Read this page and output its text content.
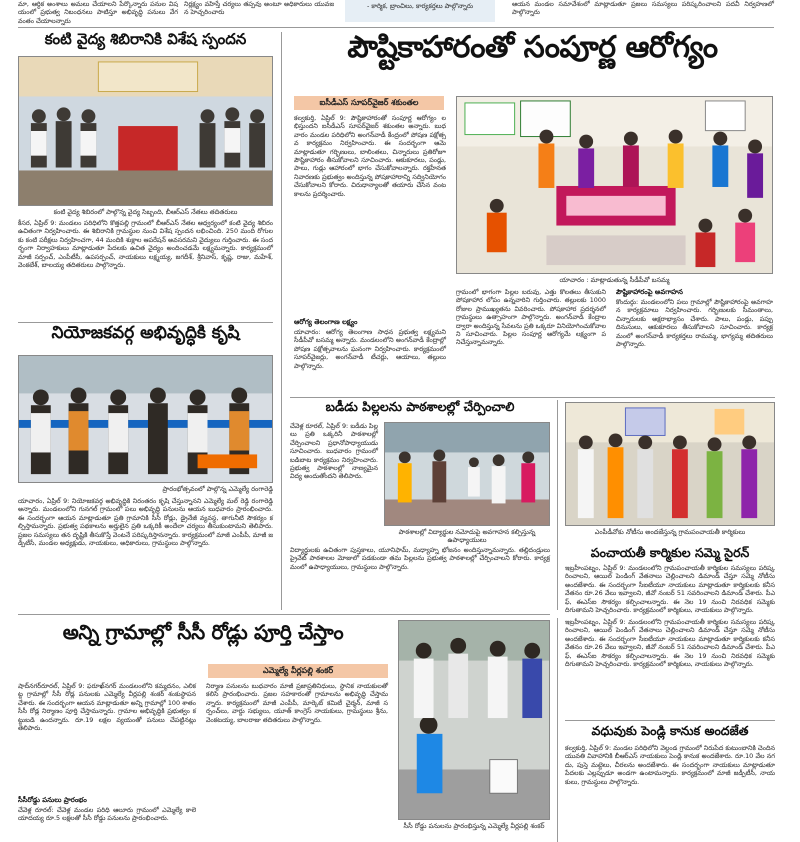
మా, ఆర్ధిక అంశాలు అమలు చేయాలని పేర్కొన్నారు పనుల విషయంలో ప్రభుత్వ నిబంధనలు పాటిస్తూ అభివృద్ధి పనులు వేగవంతం చేయాలన్నారు
నిర్లక్ష్యం వహిస్తే చర్యలు తప్పవు అంటూ అధికారులు యువజన హెచ్చరించారు
- కార్మిక, బ్రాంచిలు, కార్యకర్తలు పాల్గొన్నారు	ఆయన మండల సమావేశంలో మాట్లాడుతూ ప్రజలు సమస్యలు పరిష్కరించాలని పదవీ నిర్వహణలో పాల్గొన్నారు
కంటి వైద్య శిబిరానికి విశేష స్పందన
కంటి వైద్య శిబిరంలో పాల్గొన్న వైద్య సిబ్బంది, బీఆర్ఎస్ నేతలు తదితరులు
కీసర, ఏప్రిల్ 9: మండలం పరిధిలోని కొత్తపల్లి గ్రామంలో బీఆర్ఎస్ నేతల ఆధ్వర్యంలో కంటి వైద్య శిబిరం ఉచితంగా నిర్వహించారు. ఈ శిబిరానికి గ్రామస్థుల నుంచి విశేష స్పందన లభించింది. 250 మంది రోగులకు కంటి పరీక్షలు నిర్వహించగా, 44 మందికి శుక్లాల ఆపరేషన్ అవసరమని వైద్యులు గుర్తించారు. ఈ సందర్భంగా నిర్వాహకులు మాట్లాడుతూ పేదలకు ఉచిత వైద్యం అందించడమే లక్ష్యమన్నారు. కార్యక్రమంలో మాజీ సర్పంచ్, ఎంపీటీసీ, ఉపసర్పంచ్, నాయకులు లక్ష్మయ్య, జగదీశ్, శ్రీనివాస్, కృష్ణ, రాజు, మహేశ్, వెంకటేశ్, బాలయ్య తదితరులు పాల్గొన్నారు.
నియోజకవర్గ అభివృద్ధికి కృషి
ప్రారంభోత్సవంలో పాల్గొన్న ఎమ్మెల్యే రంగారెడ్డి
యాచారం, ఏప్రిల్ 9: నియోజకవర్గ అభివృద్ధికి నిరంతరం కృషి చేస్తున్నానని ఎమ్మెల్యే మల్ రెడ్డి రంగారెడ్డి అన్నారు. మండలంలోని గునగల్ గ్రామంలో పలు అభివృద్ధి పనులను ఆయన బుధవారం ప్రారంభించారు. ఈ సందర్భంగా ఆయన మాట్లాడుతూ ప్రతి గ్రామానికి సీసీ రోడ్లు, డ్రైనేజీ వ్యవస్థ, తాగునీటి సౌకర్యం కల్పిస్తామన్నారు. ప్రభుత్వ పథకాలను అర్హులైన ప్రతి ఒక్కరికీ అందేలా చర్యలు తీసుకుంటామని తెలిపారు. ప్రజల సమస్యలు తన దృష్టికి తీసుకొస్తే వెంటనే పరిష్కరిస్తానన్నారు. కార్యక్రమంలో మాజీ ఎంపీపీ, మాజీ జడ్పీటీసీ, మండల అధ్యక్షుడు, నాయకులు, అధికారులు, గ్రామస్థులు పాల్గొన్నారు.
పౌష్టికాహారంతో సంపూర్ణ ఆరోగ్యం
ఐసీడీఎస్ సూపర్‌వైజర్ శకుంతల
కల్వకుర్తి, ఏప్రిల్ 9: పౌష్టికాహారంతో సంపూర్ణ ఆరోగ్యం లభిస్తుందని ఐసీడీఎస్ సూపర్‌వైజర్ శకుంతల అన్నారు. బుధవారం మండల పరిధిలోని అంగన్‌వాడీ కేంద్రంలో పోషణ పక్షోత్సవ కార్యక్రమం నిర్వహించారు. ఈ సందర్భంగా ఆమె మాట్లాడుతూ గర్భిణులు, బాలింతలు, చిన్నారులు ప్రతిరోజూ పౌష్టికాహారం తీసుకోవాలని సూచించారు. ఆకుకూరలు, పండ్లు, పాలు, గుడ్లు ఆహారంలో భాగం చేసుకోవాలన్నారు. రక్తహీనత నివారణకు ప్రభుత్వం అందిస్తున్న పోషకాహారాన్ని సద్వినియోగం చేసుకోవాలని కోరారు. చిరుధాన్యాలతో తయారు చేసిన వంటకాలను ప్రదర్శించారు.
ఆరోగ్య తెలంగాణ లక్ష్యం
యాచారం: ఆరోగ్య తెలంగాణ సాధన ప్రభుత్వ లక్ష్యమని సీడీపీవో బసమ్మ అన్నారు. మండలంలోని అంగన్‌వాడీ కేంద్రాల్లో పోషణ పక్షోత్సవాలను ఘనంగా నిర్వహించారు. కార్యక్రమంలో సూపర్‌వైజర్లు, అంగన్‌వాడీ టీచర్లు, ఆయాలు, తల్లులు పాల్గొన్నారు.
యాచారం : మాట్లాడుతున్న సీడీపీవో బసమ్మ
గ్రామంలో భాగంగా పిల్లల బరువు, ఎత్తు కొలతలు తీసుకుని పోషకాహార లోపం ఉన్నవారిని గుర్తించారు. తల్లులకు 1000 రోజుల ప్రాముఖ్యతను వివరించారు. పోషకాహార ప్రదర్శనలో గ్రామస్థులు ఉత్సాహంగా పాల్గొన్నారు. అంగన్‌వాడీ కేంద్రాల ద్వారా అందిస్తున్న సేవలను ప్రతి ఒక్కరూ వినియోగించుకోవాలని సూచించారు. పిల్లల సంపూర్ణ ఆరోగ్యమే లక్ష్యంగా పనిచేస్తున్నామన్నారు.
పౌష్టికాహారంపై అవగాహన
కొందుర్గు: మండలంలోని పలు గ్రామాల్లో పౌష్టికాహారంపై అవగాహన కార్యక్రమాలు నిర్వహించారు. గర్భిణులకు సీమంతాలు, చిన్నారులకు అక్షరాభ్యాసం చేశారు. పాలు, పండ్లు, పప్పు దినుసులు, ఆకుకూరలు తీసుకోవాలని సూచించారు. కార్యక్రమంలో అంగన్‌వాడీ కార్యకర్తలు రామమ్మ, భాగ్యమ్మ తదితరులు పాల్గొన్నారు.
బడీడు పిల్లలను పాఠశాలల్లో చేర్పించాలి
చేవెళ్ల రూరల్, ఏప్రిల్ 9: బడీడు పిల్లలు ప్రతి ఒక్కరినీ పాఠశాలల్లో చేర్పించాలని ప్రధానోపాధ్యాయుడు సూచించారు. బుధవారం గ్రామంలో బడిబాట కార్యక్రమం నిర్వహించారు. ప్రభుత్వ పాఠశాలల్లో నాణ్యమైన విద్య అందుతోందని తెలిపారు.
పాఠశాలల్లో విద్యార్థుల నమోదుపై అవగాహన కల్పిస్తున్న ఉపాధ్యాయులు
విద్యార్థులకు ఉచితంగా పుస్తకాలు, యూనిఫామ్, మధ్యాహ్న భోజనం అందిస్తున్నామన్నారు. తల్లిదండ్రులు ప్రైవేట్ పాఠశాలల మోజులో పడకుండా తమ పిల్లలను ప్రభుత్వ పాఠశాలల్లో చేర్పించాలని కోరారు. కార్యక్రమంలో ఉపాధ్యాయులు, గ్రామస్థులు పాల్గొన్నారు.
ఎంపీడీవోకు నోటీసు అందజేస్తున్న గ్రామపంచాయతీ కార్మికులు
పంచాయతీ కార్మికుల సమ్మె సైరన్
ఇబ్రహీంపట్నం, ఏప్రిల్ 9: మండలంలోని గ్రామపంచాయతీ కార్మికుల సమస్యలు పరిష్కరించాలని, ఆయిల్ పెండింగ్ వేతనాలు చెల్లించాలని డిమాండ్ చేస్తూ సమ్మె నోటీసు అందజేశారు. ఈ సందర్భంగా సీఐటీయూ నాయకులు మాట్లాడుతూ కార్మికులకు కనీస వేతనం రూ.26 వేలు ఇవ్వాలని, జీవో నంబర్ 51 సవరించాలని డిమాండ్ చేశారు. పీఎఫ్, ఈఎస్ఐ సౌకర్యం కల్పించాలన్నారు. ఈ నెల 19 నుంచి నిరవధిక సమ్మెకు దిగుతామని హెచ్చరించారు. కార్యక్రమంలో కార్మికులు, నాయకులు పాల్గొన్నారు.
అన్ని గ్రామాల్లో సీసీ రోడ్లు పూర్తి చేస్తాం
ఎమ్మెల్యే వీర్లపల్లి శంకర్
షాద్‌నగర్‌రూరల్, ఏప్రిల్ 9: ఫరూఖ్‌నగర్ మండలంలోని కమ్మదనం, ఎలికట్ట గ్రామాల్లో సీసీ రోడ్ల పనులకు ఎమ్మెల్యే వీర్లపల్లి శంకర్ శంకుస్థాపన చేశారు. ఈ సందర్భంగా ఆయన మాట్లాడుతూ అన్ని గ్రామాల్లో 100 శాతం సీసీ రోడ్ల నిర్మాణం పూర్తి చేస్తామన్నారు. గ్రామాల అభివృద్ధికి ప్రభుత్వం కట్టుబడి ఉందన్నారు. రూ.19 లక్షల వ్యయంతో పనులు చేపట్టినట్లు తెలిపారు.
సీసీరోడ్డు పనులు ప్రారంభం
చేవెళ్ల రూరల్: చేవెళ్ల మండల పరిధి ఆలూరు గ్రామంలో ఎమ్మెల్యే కాలె యాదయ్య రూ.5 లక్షలతో సీసీ రోడ్డు పనులను ప్రారంభించారు.
నిర్మాణ పనులను బుధవారం మాజీ ప్రజాప్రతినిధులు, స్థానిక నాయకులతో కలిసి ప్రారంభించారు. ప్రజల సహకారంతో గ్రామాలను అభివృద్ధి చేస్తామన్నారు. కార్యక్రమంలో మాజీ ఎంపీపీ, మార్కెట్ కమిటీ చైర్మన్, మాజీ సర్పంచ్‌లు, వార్డు సభ్యులు, యూత్ కాంగ్రెస్ నాయకులు, గ్రామస్థులు శ్రీను, వెంకటయ్య, బాలరాజు తదితరులు పాల్గొన్నారు.
సీసీ రోడ్డు పనులను ప్రారంభిస్తున్న ఎమ్మెల్యే వీర్లపల్లి శంకర్
వధువుకు పెండ్లి కానుక అందజేత
కల్వకుర్తి, ఏప్రిల్ 9: మండల పరిధిలోని వెల్దండ గ్రామంలో నిరుపేద కుటుంబానికి చెందిన యువతి వివాహానికి బీఆర్ఎస్ నాయకులు పెండ్లి కానుక అందజేశారు. రూ.10 వేల నగదు, పుస్తె మట్టెలు, చీరలను అందజేశారు. ఈ సందర్భంగా నాయకులు మాట్లాడుతూ పేదలకు ఎల్లప్పుడూ అండగా ఉంటామన్నారు. కార్యక్రమంలో మాజీ జడ్పీటీసీ, నాయకులు, గ్రామస్థులు పాల్గొన్నారు.
ఇబ్రహీంపట్నం, ఏప్రిల్ 9: మండలంలోని గ్రామపంచాయతీ కార్మికుల సమస్యలు పరిష్కరించాలని, ఆయిల్ పెండింగ్ వేతనాలు చెల్లించాలని డిమాండ్ చేస్తూ సమ్మె నోటీసు అందజేశారు. ఈ సందర్భంగా సీఐటీయూ నాయకులు మాట్లాడుతూ కార్మికులకు కనీస వేతనం రూ.26 వేలు ఇవ్వాలని, జీవో నంబర్ 51 సవరించాలని డిమాండ్ చేశారు. పీఎఫ్, ఈఎస్ఐ సౌకర్యం కల్పించాలన్నారు. ఈ నెల 19 నుంచి నిరవధిక సమ్మెకు దిగుతామని హెచ్చరించారు. కార్యక్రమంలో కార్మికులు, నాయకులు పాల్గొన్నారు.
